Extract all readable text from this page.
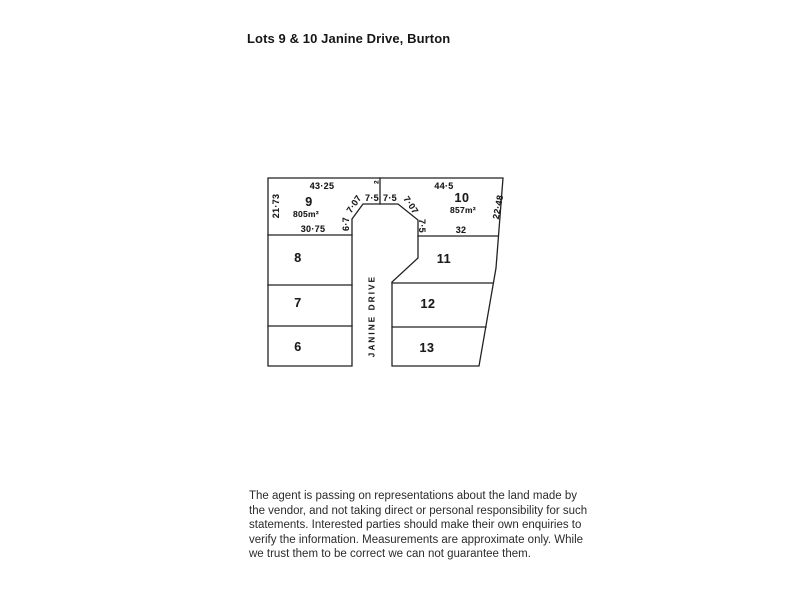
Lots 9 & 10 Janine Drive, Burton
43·25	44·5
21·73	22·48
30·75	32
6·7
7·07 7·5 7·5 7·07
7·5
2
9
805m²
10
857m²
8
7
6
11
12
13
JANINE DRIVE
The agent is passing on representations about the land made by
the vendor, and not taking direct or personal responsibility for such
statements. Interested parties should make their own enquiries to
verify the information. Measurements are approximate only. While
we trust them to be correct we can not guarantee them.
